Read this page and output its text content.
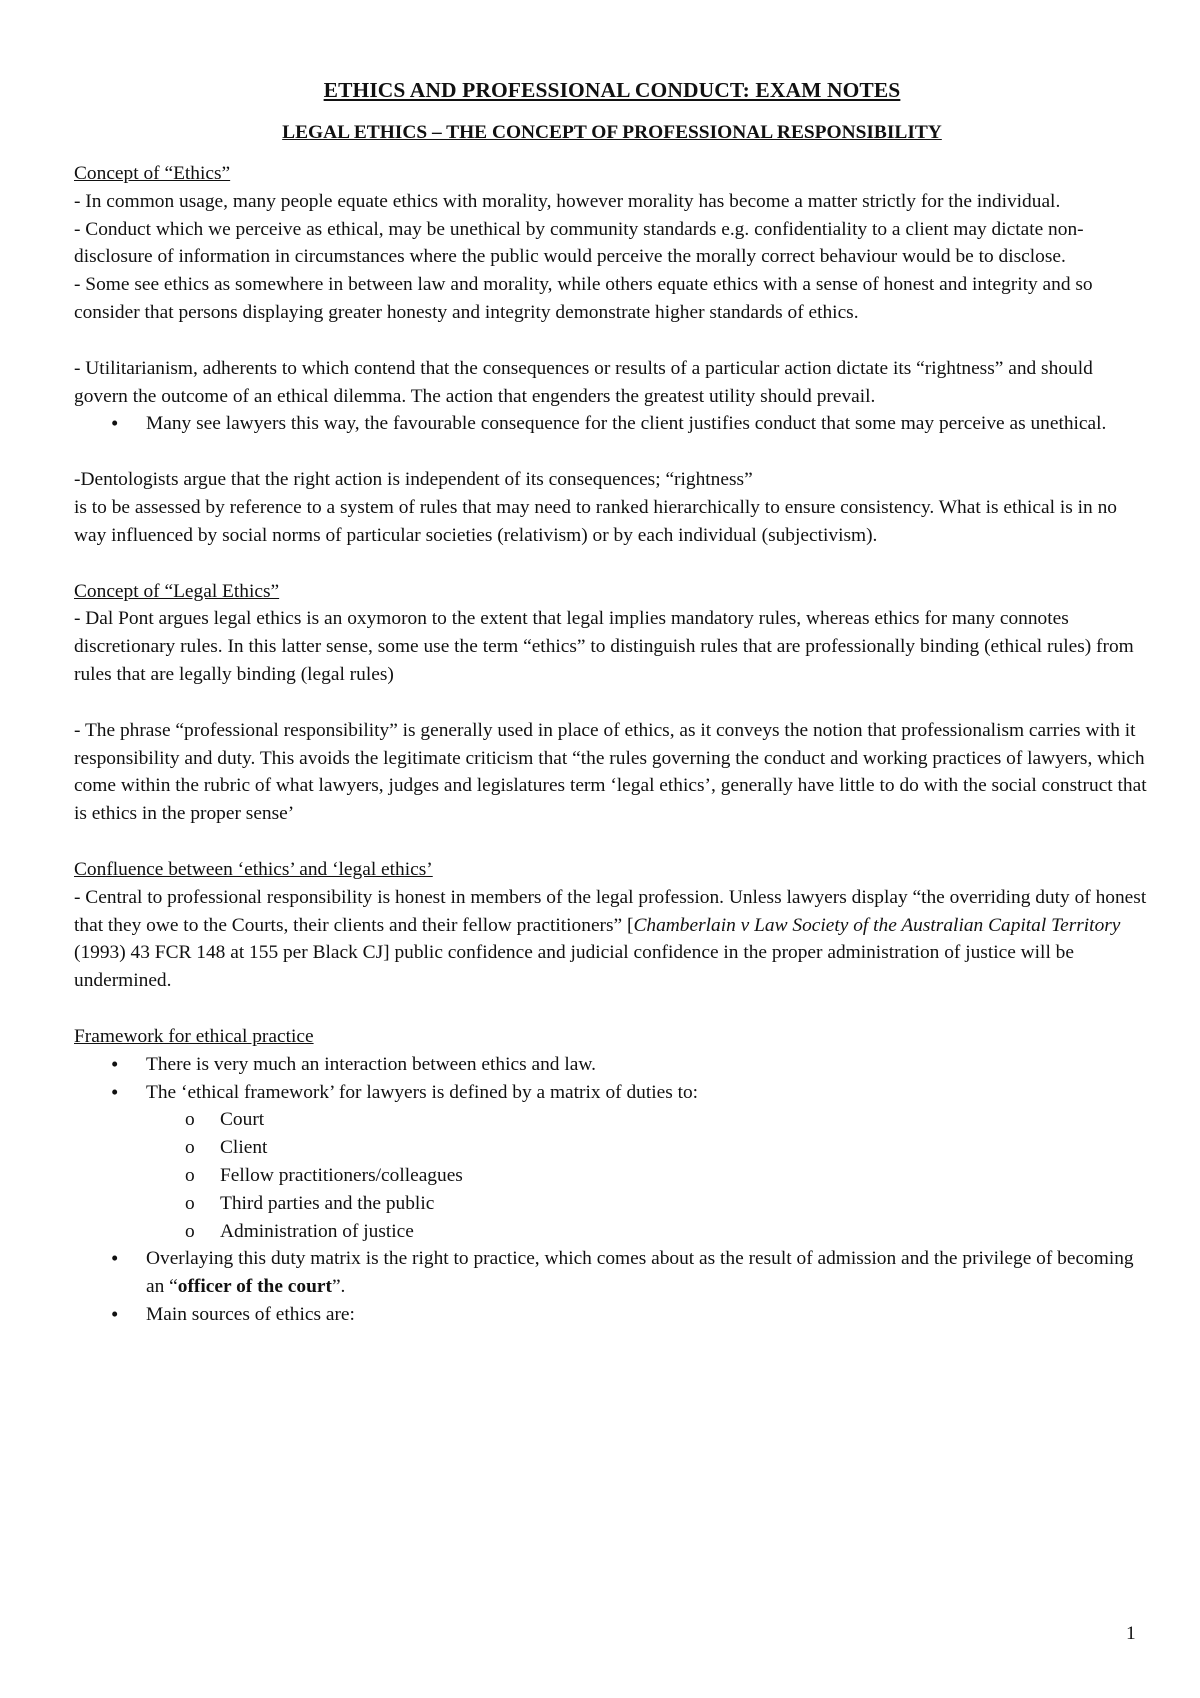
ETHICS AND PROFESSIONAL CONDUCT: EXAM NOTES
LEGAL ETHICS – THE CONCEPT OF PROFESSIONAL RESPONSIBILITY

Concept of “Ethics”

- In common usage, many people equate ethics with morality, however morality has become a matter strictly for the individual.

- Conduct which we perceive as ethical, may be unethical by community standards e.g. confidentiality to a client may dictate non-disclosure of information in circumstances where the public would perceive the morally correct behaviour would be to disclose.

- Some see ethics as somewhere in between law and morality, while others equate ethics with a sense of honest and integrity and so consider that persons displaying greater honesty and integrity demonstrate higher standards of ethics.

- Utilitarianism, adherents to which contend that the consequences or results of a particular action dictate its “rightness” and should govern the outcome of an ethical dilemma. The action that engenders the greatest utility should prevail.

• Many see lawyers this way, the favourable consequence for the client justifies conduct that some may perceive as unethical.

-Dentologists argue that the right action is independent of its consequences; “rightness”
is to be assessed by reference to a system of rules that may need to ranked hierarchically to ensure consistency. What is ethical is in no way influenced by social norms of particular societies (relativism) or by each individual (subjectivism).

Concept of “Legal Ethics”

- Dal Pont argues legal ethics is an oxymoron to the extent that legal implies mandatory rules, whereas ethics for many connotes discretionary rules. In this latter sense, some use the term “ethics” to distinguish rules that are professionally binding (ethical rules) from rules that are legally binding (legal rules)

- The phrase “professional responsibility” is generally used in place of ethics, as it conveys the notion that professionalism carries with it responsibility and duty. This avoids the legitimate criticism that “the rules governing the conduct and working practices of lawyers, which come within the rubric of what lawyers, judges and legislatures term ‘legal ethics’, generally have little to do with the social construct that is ethics in the proper sense’

Confluence between ‘ethics’ and ‘legal ethics’

- Central to professional responsibility is honest in members of the legal profession. Unless lawyers display “the overriding duty of honest that they owe to the Courts, their clients and their fellow practitioners” [Chamberlain v Law Society of the Australian Capital Territory (1993) 43 FCR 148 at 155 per Black CJ] public confidence and judicial confidence in the proper administration of justice will be undermined.

Framework for ethical practice

• There is very much an interaction between ethics and law.
• The ‘ethical framework’ for lawyers is defined by a matrix of duties to:
o Court
o Client
o Fellow practitioners/colleagues
o Third parties and the public
o Administration of justice
• Overlaying this duty matrix is the right to practice, which comes about as the result of admission and the privilege of becoming an “officer of the court”.
• Main sources of ethics are:
1
